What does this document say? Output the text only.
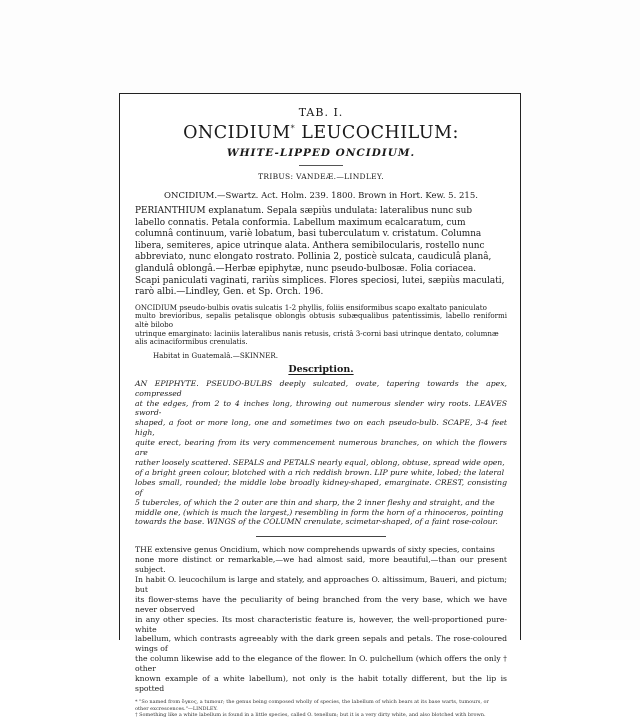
TAB. I.
ONCIDIUM* LEUCOCHILUM:
WHITE-LIPPED ONCIDIUM.
TRIBUS: VANDEÆ.—LINDLEY.
ONCIDIUM.—Swartz. Act. Holm. 239. 1800. Brown in Hort. Kew. 5. 215.
PERIANTHIUM explanatum. Sepala sæpiùs undulata: lateralibus nunc sub
labello connatis. Petala conformia. Labellum maximum ecalcaratum, cum
columnâ continuum, variè lobatum, basi tuberculatum v. cristatum. Columna
libera, semiteres, apice utrinque alata. Anthera semibilocularis, rostello nunc
abbreviato, nunc elongato rostrato. Pollinia 2, posticè sulcata, caudiculâ planâ,
glandulâ oblongâ.—Herbæ epiphytæ, nunc pseudo-bulbosæ. Folia coriacea.
Scapi paniculati vaginati, rariùs simplices. Flores speciosi, lutei, sæpiùs maculati,
rarò albi.—Lindley, Gen. et Sp. Orch. 196.
ONCIDIUM pseudo-bulbis ovatis sulcatis 1-2 phyllis, foliis ensiformibus scapo exaltato paniculato
multo brevioribus, sepalis petalisque oblongis obtusis subæqualibus patentissimis, labello reniformi altè bilobo
utrinque emarginato: laciniis lateralibus nanis retusis, cristâ 3-corni basi utrinque dentato, columnæ
alis acinaciformibus crenulatis.
Habitat in Guatemalâ.—SKINNER.
Description.
AN EPIPHYTE. PSEUDO-BULBS deeply sulcated, ovate, tapering towards the apex, compressed
at the edges, from 2 to 4 inches long, throwing out numerous slender wiry roots. LEAVES sword-
shaped, a foot or more long, one and sometimes two on each pseudo-bulb. SCAPE, 3-4 feet high,
quite erect, bearing from its very commencement numerous branches, on which the flowers are
rather loosely scattered. SEPALS and PETALS nearly equal, oblong, obtuse, spread wide open,
of a bright green colour, blotched with a rich reddish brown. LIP pure white, lobed; the lateral
lobes small, rounded; the middle lobe broadly kidney-shaped, emarginate. CREST, consisting of
5 tubercles, of which the 2 outer are thin and sharp, the 2 inner fleshy and straight, and the
middle one, (which is much the largest,) resembling in form the horn of a rhinoceros, pointing
towards the base. WINGS of the COLUMN crenulate, scimetar-shaped, of a faint rose-colour.
THE extensive genus Oncidium, which now comprehends upwards of sixty species, contains
none more distinct or remarkable,—we had almost said, more beautiful,—than our present subject.
In habit O. leucochilum is large and stately, and approaches O. altissimum, Baueri, and pictum; but
its flower-stems have the peculiarity of being branched from the very base, which we have never observed
in any other species. Its most characteristic feature is, however, the well-proportioned pure-white
labellum, which contrasts agreeably with the dark green sepals and petals. The rose-coloured wings of
the column likewise add to the elegance of the flower. In O. pulchellum (which offers the only † other
known example of a white labellum), not only is the habit totally different, but the lip is spotted
* "So named from ὄγκος, a tumour; the genus being composed wholly of species, the labellum of which bears at its base warts, tumours, or
other excrescences."—LINDLEY.
† Something like a white labellum is found in a little species, called O. tenellum; but it is a very dirty white, and also blotched with brown.
